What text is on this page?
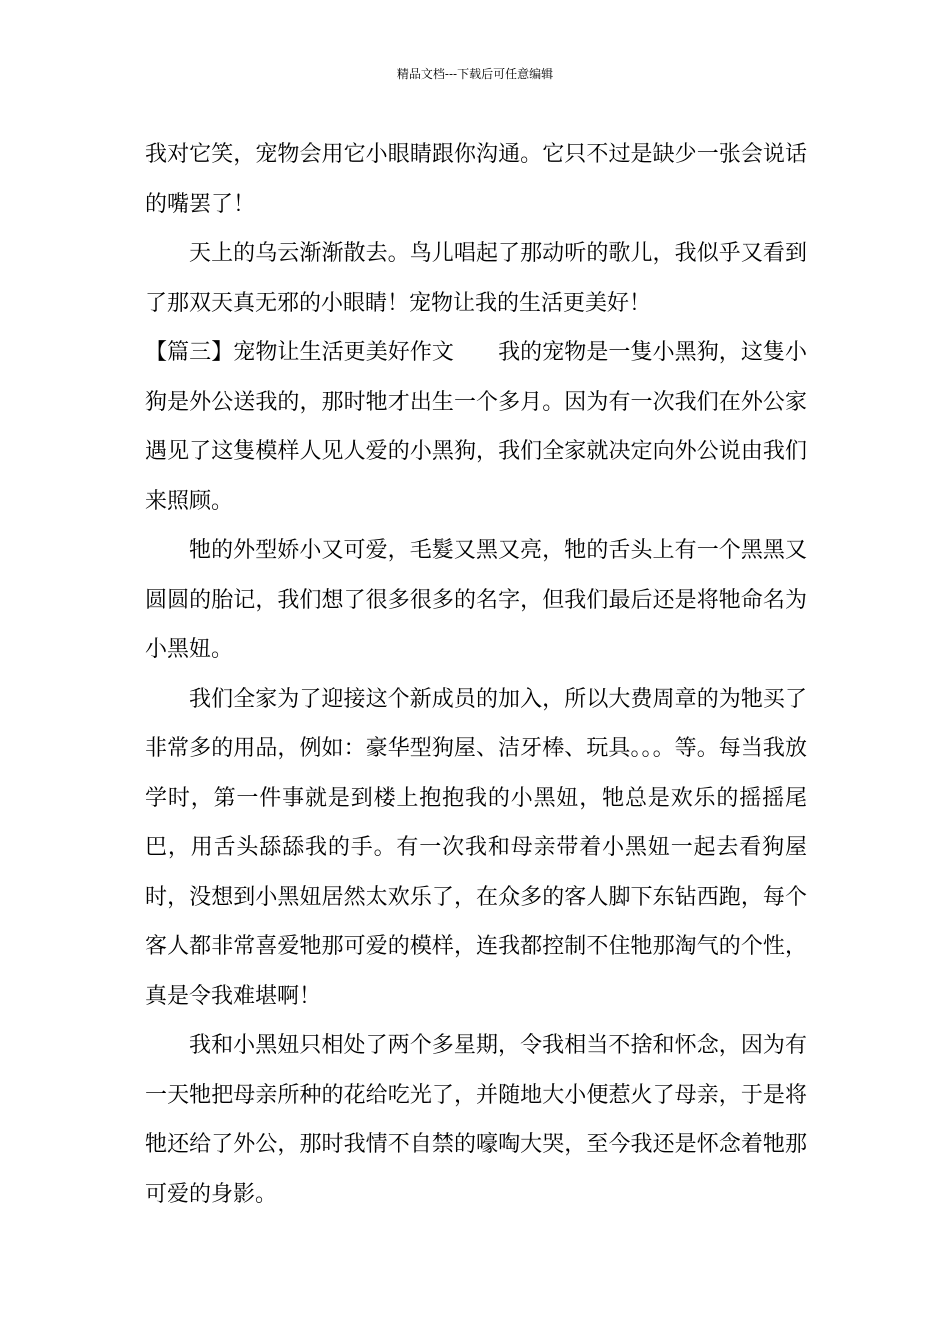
精品文档---下载后可任意编辑

我对它笑，宠物会用它小眼睛跟你沟通。它只不过是缺少一张会说话的嘴罢了！

天上的乌云渐渐散去。鸟儿唱起了那动听的歌儿，我似乎又看到了那双天真无邪的小眼睛！宠物让我的生活更美好！

【篇三】宠物让生活更美好作文 我的宠物是一隻小黑狗，这隻小狗是外公送我的，那时牠才出生一个多月。因为有一次我们在外公家遇见了这隻模样人见人爱的小黑狗，我们全家就决定向外公说由我们来照顾。

牠的外型娇小又可爱，毛髮又黑又亮，牠的舌头上有一个黑黑又圆圆的胎记，我们想了很多很多的名字，但我们最后还是将牠命名为小黑妞。

我们全家为了迎接这个新成员的加入，所以大费周章的为牠买了非常多的用品，例如：豪华型狗屋、洁牙棒、玩具。。。等。每当我放学时，第一件事就是到楼上抱抱我的小黑妞，牠总是欢乐的摇摇尾巴，用舌头舔舔我的手。有一次我和母亲带着小黑妞一起去看狗屋时，没想到小黑妞居然太欢乐了，在众多的客人脚下东钻西跑，每个客人都非常喜爱牠那可爱的模样，连我都控制不住牠那淘气的个性，真是令我难堪啊！

我和小黑妞只相处了两个多星期，令我相当不捨和怀念，因为有一天牠把母亲所种的花给吃光了，并随地大小便惹火了母亲，于是将牠还给了外公，那时我情不自禁的嚎啕大哭，至今我还是怀念着牠那可爱的身影。
